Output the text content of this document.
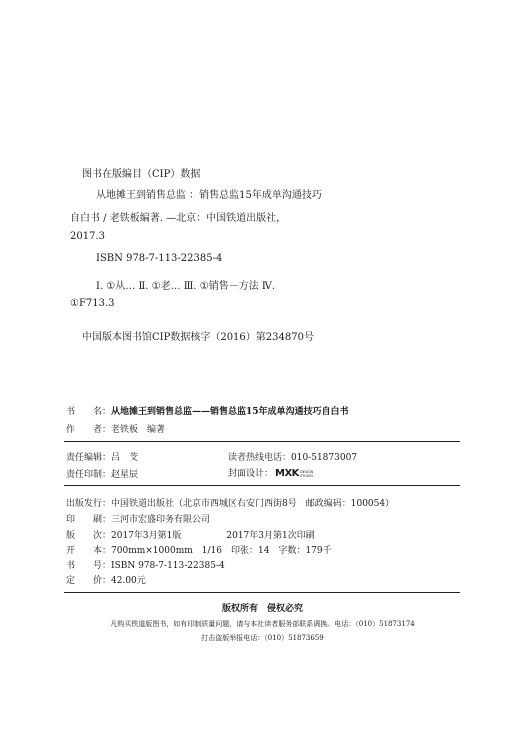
图书在版编目（CIP）数据
从地摊王到销售总监 ：销售总监15年成单沟通技巧
自白书 / 老铁板编著. —北京：中国铁道出版社，
2017.3
ISBN 978-7-113-22385-4
Ⅰ. ①从… Ⅱ. ①老… Ⅲ. ①销售－方法 Ⅳ.
①F713.3
中国版本图书馆CIP数据核字（2016）第234870号
书　　名：从地摊王到销售总监——销售总监15年成单沟通技巧自白书
作　　者：老铁板　编著
责任编辑：吕　芠	读者热线电话：010-51873007
责任印制：赵星辰	封面设计： MXKDESIGN
STUDIO
出版发行：中国铁道出版社（北京市西城区右安门西街8号　邮政编码：100054）
印　　刷：三河市宏盛印务有限公司
版　　次：2017年3月第1版　　　　　2017年3月第1次印刷
开　　本：700mm×1000mm　1/16　印张：14　字数：179千
书　　号：ISBN 978-7-113-22385-4
定　　价：42.00元
版权所有　侵权必究
凡购买铁道版图书，如有印制质量问题，请与本社读者服务部联系调换。电话：（010）51873174
打击盗版举报电话：（010）51873659
